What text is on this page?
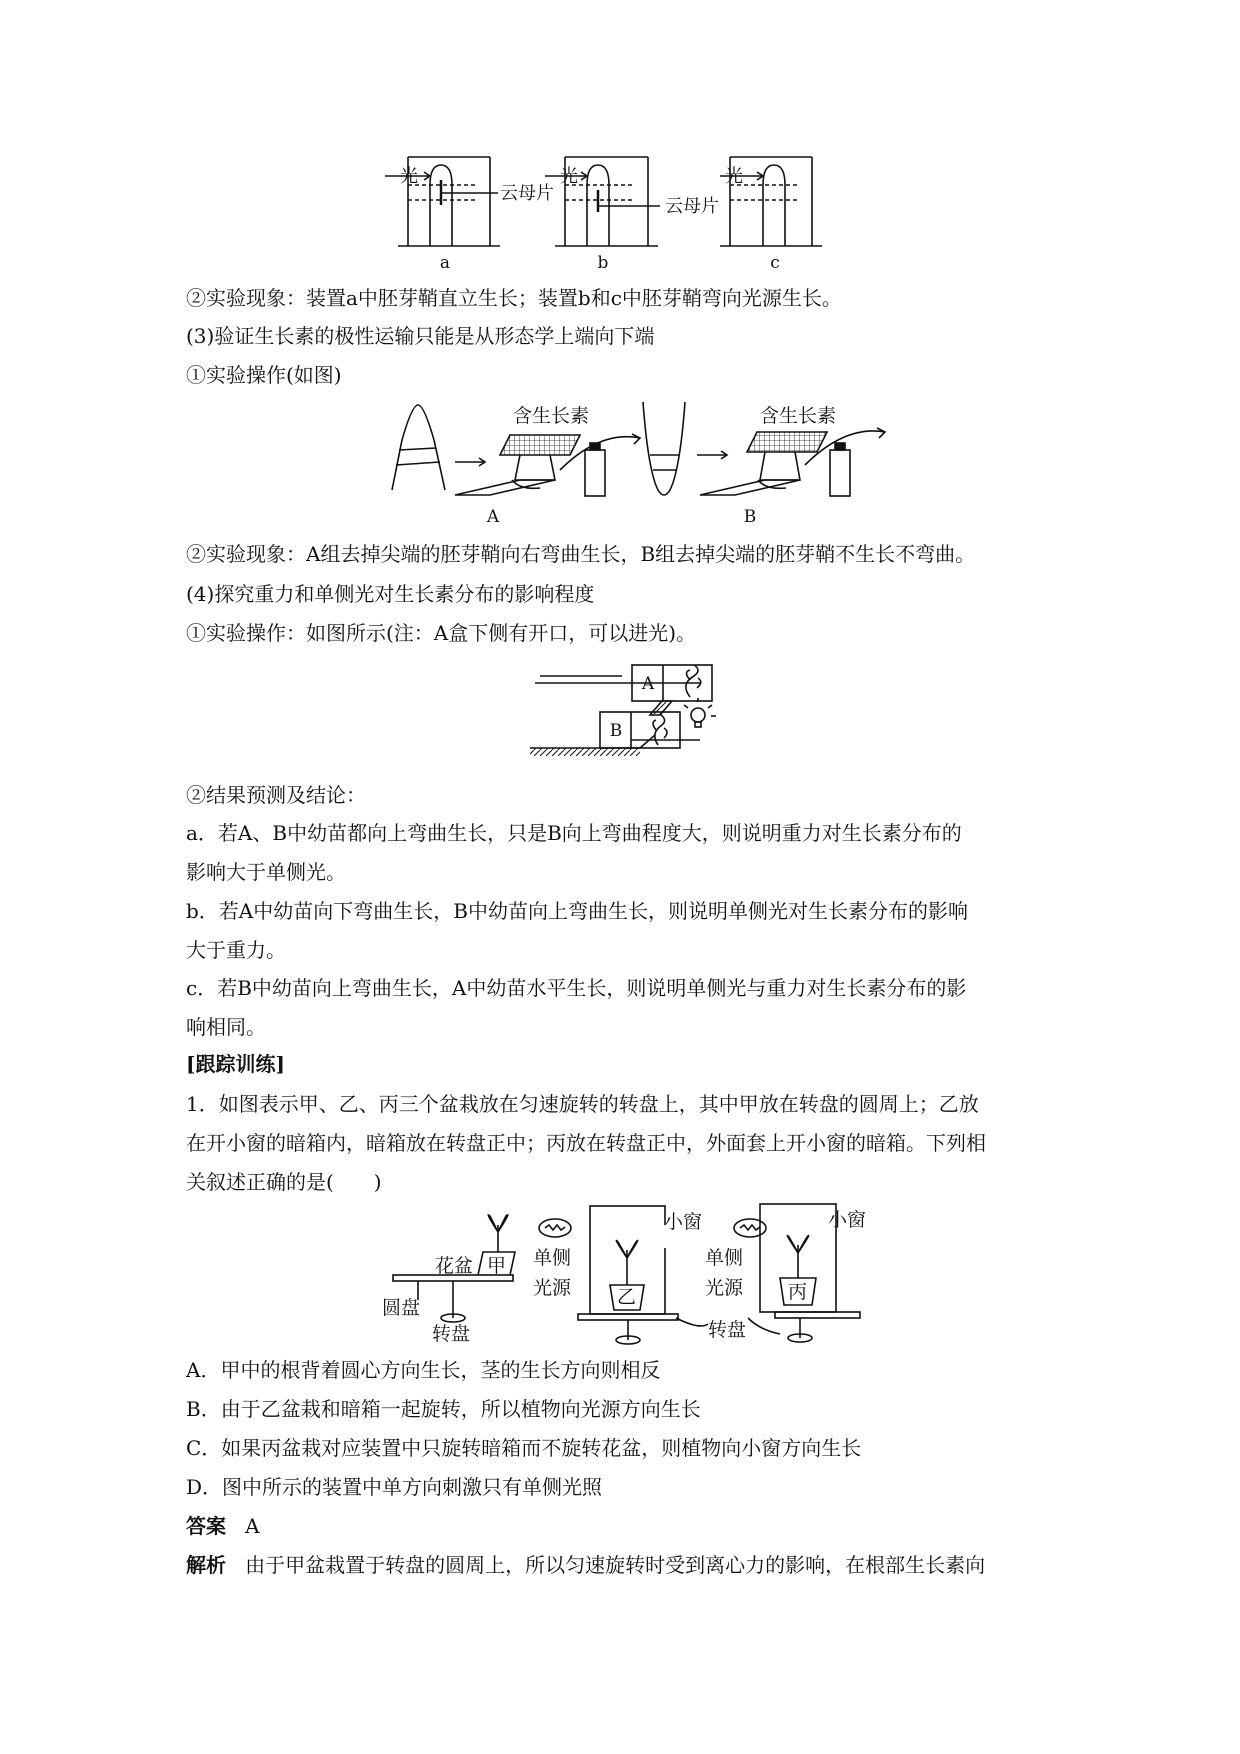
光
云母片
光
云母片
光
a	b	c
②实验现象：装置a中胚芽鞘直立生长；装置b和c中胚芽鞘弯向光源生长。
(3)验证生长素的极性运输只能是从形态学上端向下端
①实验操作(如图)
含生长素	含生长素
A	B
②实验现象：A组去掉尖端的胚芽鞘向右弯曲生长，B组去掉尖端的胚芽鞘不生长不弯曲。
(4)探究重力和单侧光对生长素分布的影响程度
①实验操作：如图所示(注：A盒下侧有开口，可以进光)。
A
B
②结果预测及结论：
a．若A、B中幼苗都向上弯曲生长，只是B向上弯曲程度大，则说明重力对生长素分布的
影响大于单侧光。
b．若A中幼苗向下弯曲生长，B中幼苗向上弯曲生长，则说明单侧光对生长素分布的影响
大于重力。
c．若B中幼苗向上弯曲生长，A中幼苗水平生长，则说明单侧光与重力对生长素分布的影
响相同。
[跟踪训练]
1．如图表示甲、乙、丙三个盆栽放在匀速旋转的转盘上，其中甲放在转盘的圆周上；乙放
在开小窗的暗箱内，暗箱放在转盘正中；丙放在转盘正中，外面套上开小窗的暗箱。下列相
关叙述正确的是(　　)
花盆 甲
圆盘
转盘
单侧
光源 乙
小窗
转盘
单侧
光源 丙
小窗
A．甲中的根背着圆心方向生长，茎的生长方向则相反
B．由于乙盆栽和暗箱一起旋转，所以植物向光源方向生长
C．如果丙盆栽对应装置中只旋转暗箱而不旋转花盆，则植物向小窗方向生长
D．图中所示的装置中单方向刺激只有单侧光照
答案 A
解析 由于甲盆栽置于转盘的圆周上，所以匀速旋转时受到离心力的影响，在根部生长素向
